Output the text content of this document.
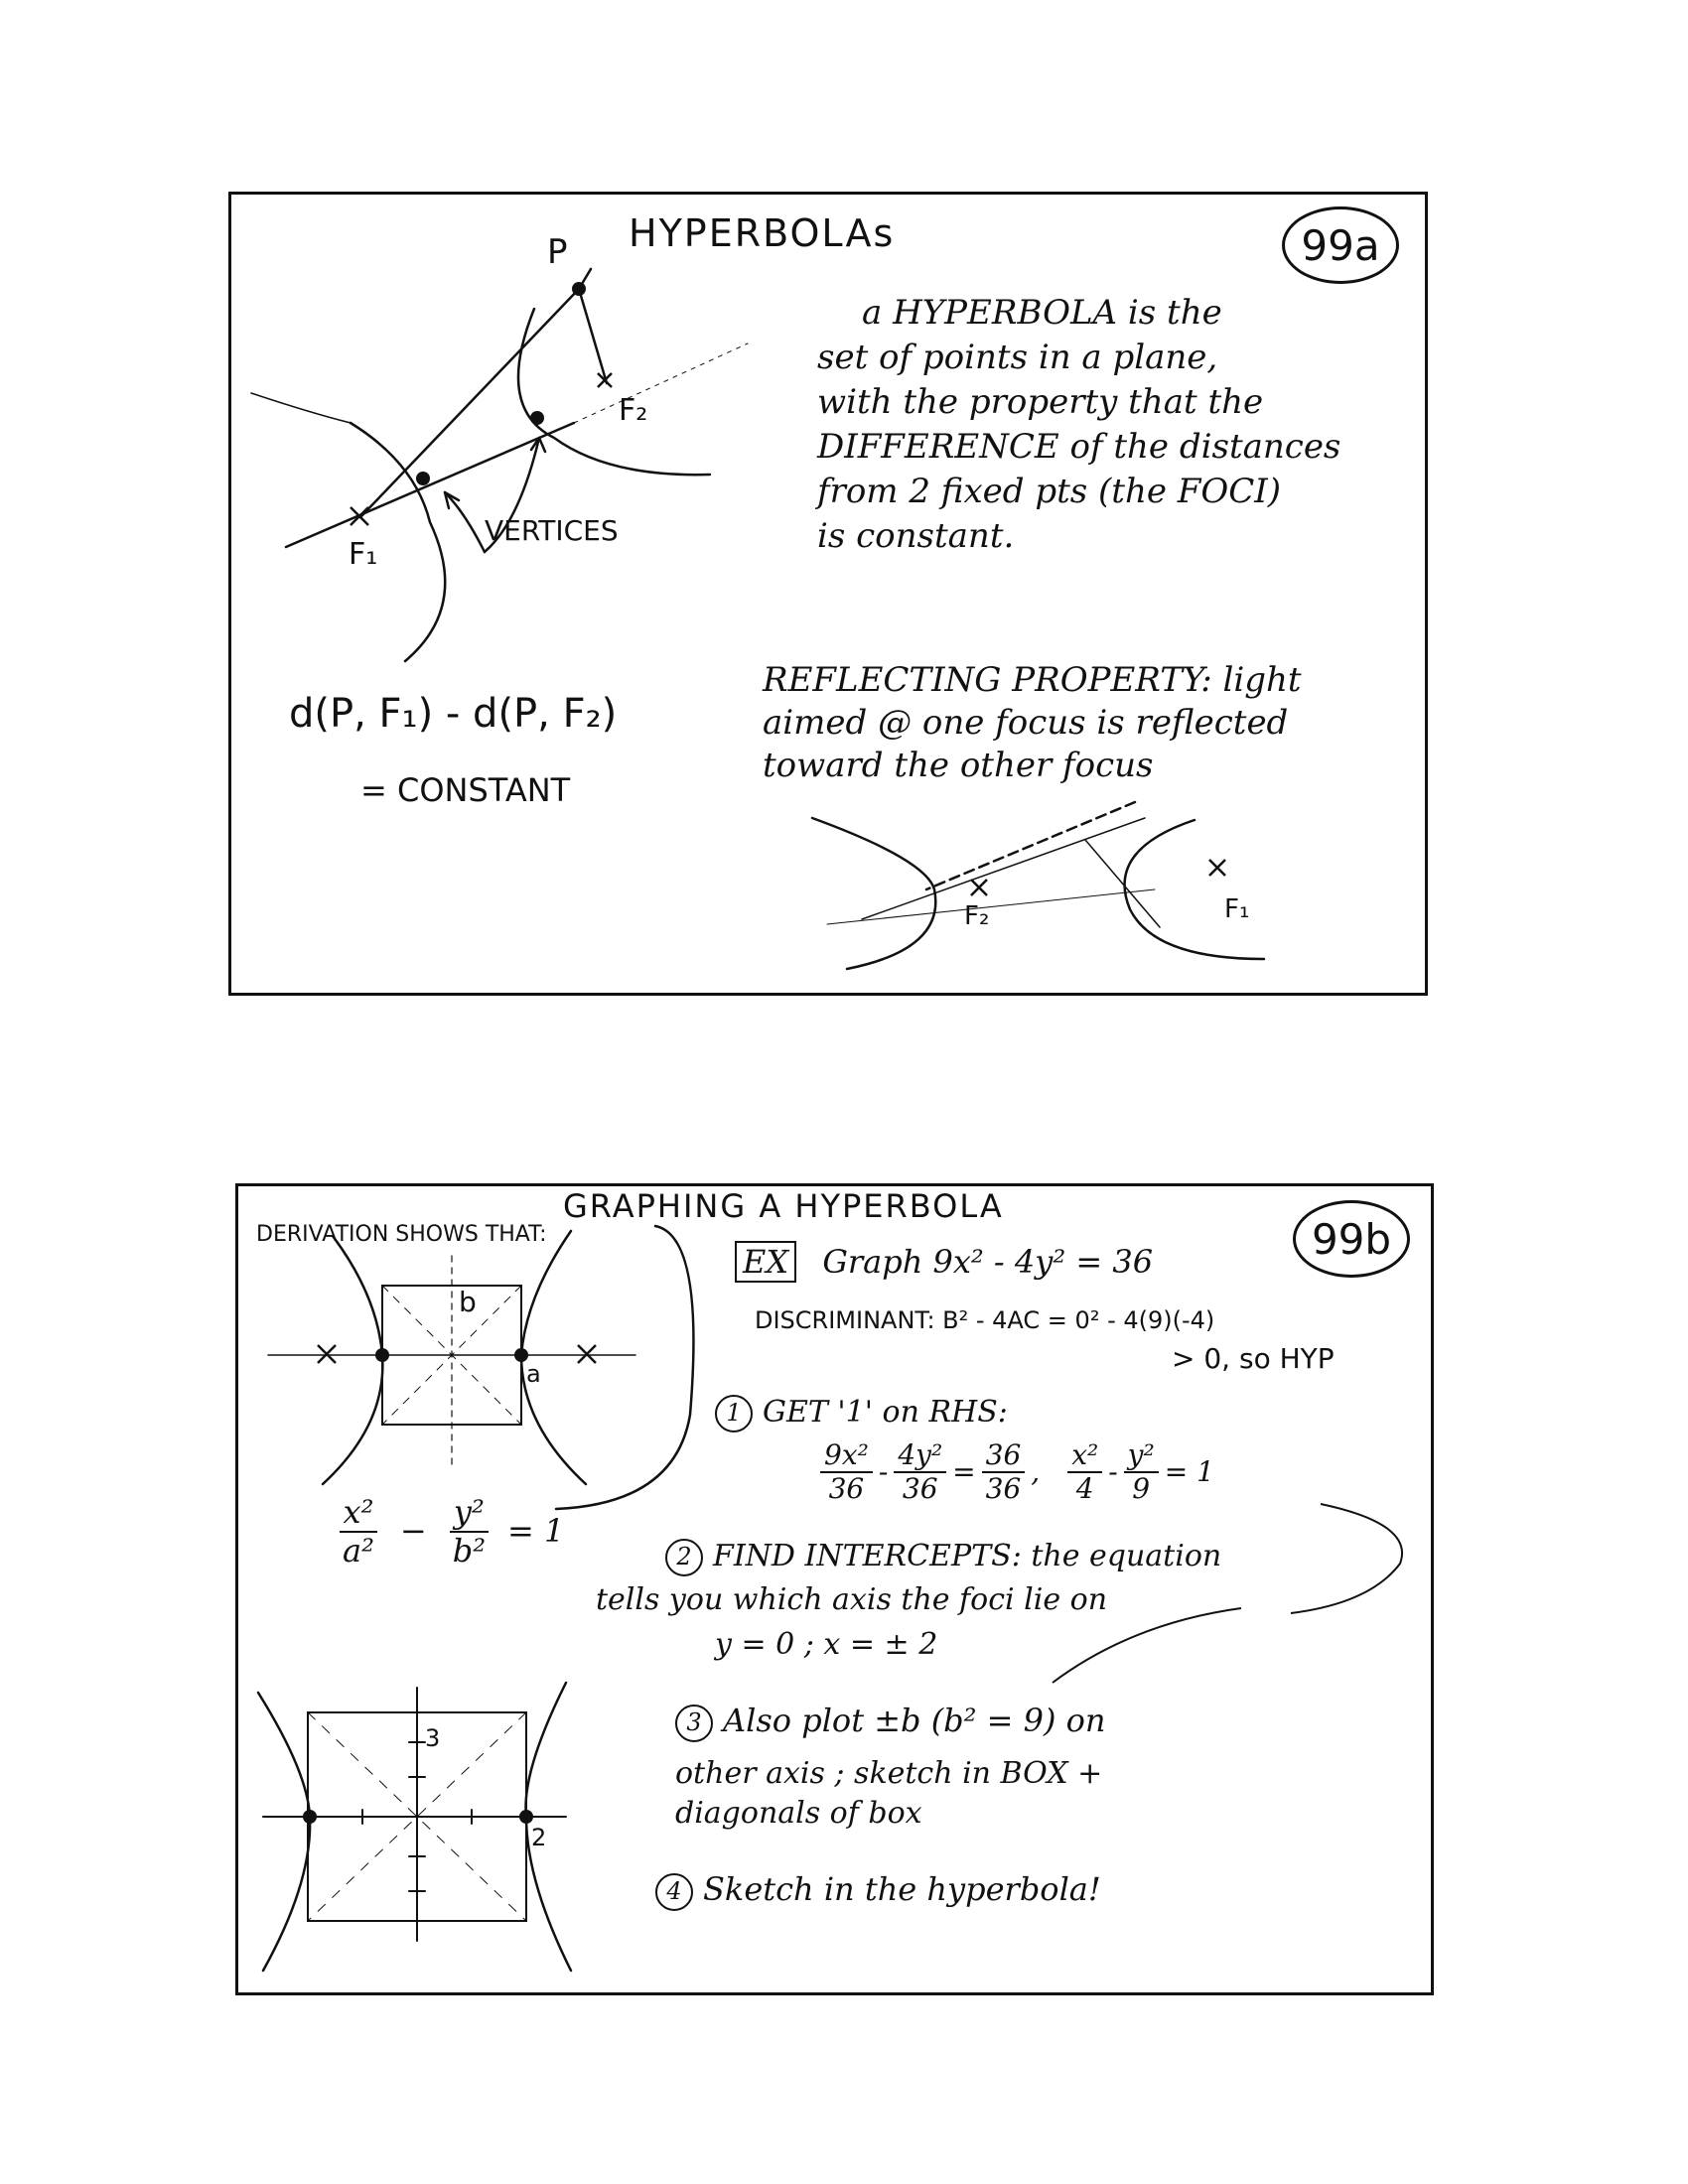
HYPERBOLAs	99a
P
F₂
F₁
VERTICES
a HYPERBOLA is the
set of points in a plane,
with the property that the
DIFFERENCE of the distances
from 2 fixed pts (the FOCI)
is constant.
d(P, F₁) - d(P, F₂)
= CONSTANT
REFLECTING PROPERTY: light
aimed @ one focus is reflected
toward the other focus
F₂	F₁
GRAPHING A HYPERBOLA
99b
DERIVATION SHOWS THAT:
b
a
3
2
$\frac{\text{x²}}{\text{a²}} - \frac{\text{y²}}{\text{b²}} = 1$
EX Graph 9x² - 4y² = 36
DISCRIMINANT: B² - 4AC = 0² - 4(9)(-4)
> 0, so HYP
1 GET '1' on RHS:
$\frac{\text{9x²}}{36} - \frac{\text{4y²}}{36} = \frac{36}{36}$ , $\frac{\text{x²}}{4} - \frac{\text{y²}}{9} = 1$
2 FIND INTERCEPTS: the equation
tells you which axis the foci lie on
y = 0 ; x = ± 2
3 Also plot ±b (b² = 9) on
other axis ; sketch in BOX +
diagonals of box
4 Sketch in the hyperbola!
